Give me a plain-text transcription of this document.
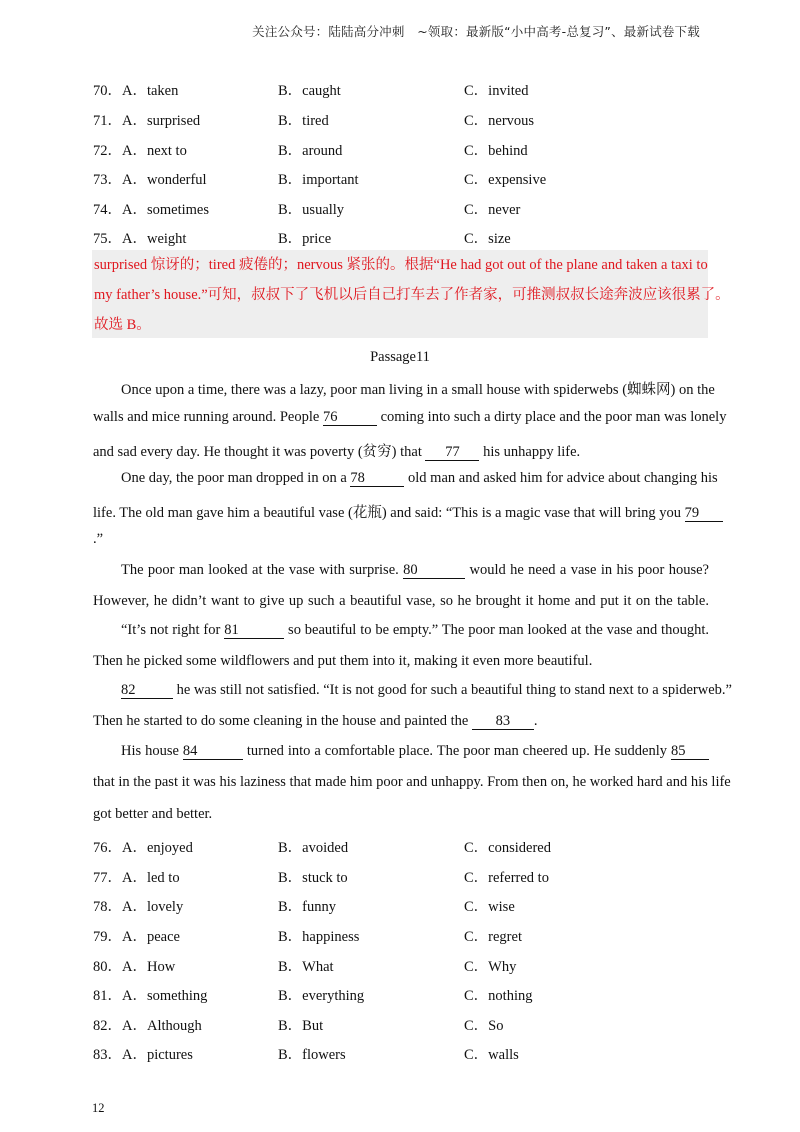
关注公众号：陆陆高分冲刺　~领取：最新版“小中高考-总复习”、最新试卷下载
70．A．taken	B．caught	C．invited
71．A．surprised	B．tired	C．nervous
72．A．next to	B．around	C．behind
73．A．wonderful	B．important	C．expensive
74．A．sometimes	B．usually	C．never
75．A．weight	B．price	C．size

surprised 惊讶的；tired 疲倦的；nervous 紧张的。根据“He had got out of the plane and taken a taxi to

my father’s house.”可知，叔叔下了飞机以后自己打车去了作者家，可推测叔叔长途奔波应该很累了。

故选 B。

Passage11
Once upon a time, there was a lazy, poor man living in a small house with spiderwebs (蜘蛛网) on the
walls and mice running around. People 76	coming into such a dirty place and the poor man was lonely
and sad every day. He thought it was poverty (贫穷) that 77 his unhappy life.
One day, the poor man dropped in on a 78	old man and asked him for advice about changing his
life. The old man gave him a beautiful vase (花瓶) and said: “This is a magic vase that will bring you 79
.”
The poor man looked at the vase with surprise. 80	would he need a vase in his poor house?
However, he didn’t want to give up such a beautiful vase, so he brought it home and put it on the table.
“It’s not right for 81	so beautiful to be empty.” The poor man looked at the vase and thought.
Then he picked some wildflowers and put them into it, making it even more beautiful.
82	he was still not satisfied. “It is not good for such a beautiful thing to stand next to a spiderweb.”
Then he started to do some cleaning in the house and painted the 83 .
His house 84	turned into a comfortable place. The poor man cheered up. He suddenly 85
that in the past it was his laziness that made him poor and unhappy. From then on, he worked hard and his life
got better and better.
76．A．enjoyed	B．avoided	C．considered
77．A．led to	B．stuck to	C．referred to
78．A．lovely	B．funny	C．wise
79．A．peace	B．happiness	C．regret
80．A．How	B．What	C．Why
81．A．something	B．everything	C．nothing
82．A．Although	B．But	C．So
83．A．pictures	B．flowers	C．walls
12
